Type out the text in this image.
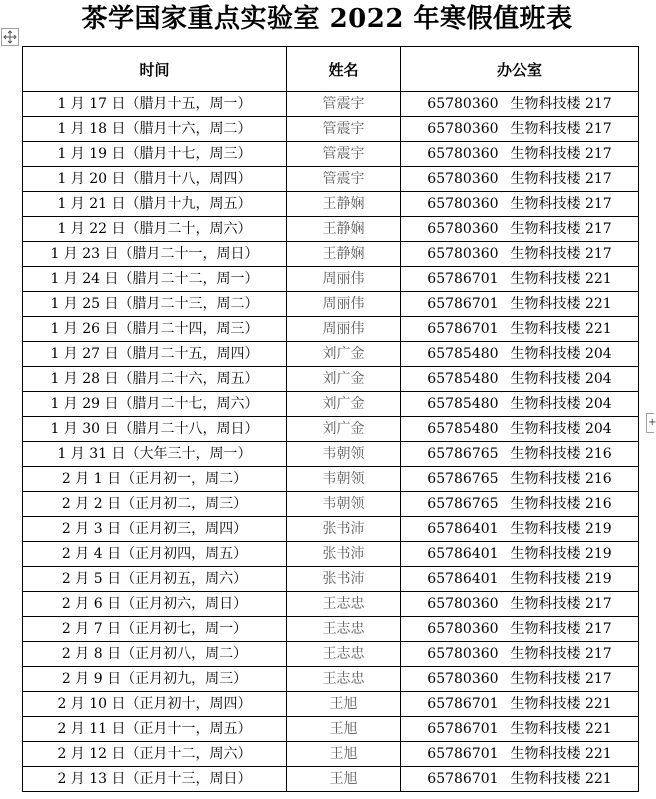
茶学国家重点实验室 2022 年寒假值班表
时间	姓名	办公室
1 月 17 日（腊月十五，周一）	管震宇	65780360 生物科技楼 217
1 月 18 日（腊月十六，周二）	管震宇	65780360 生物科技楼 217
1 月 19 日（腊月十七，周三）	管震宇	65780360 生物科技楼 217
1 月 20 日（腊月十八，周四）	管震宇	65780360 生物科技楼 217
1 月 21 日（腊月十九，周五）	王静娴	65780360 生物科技楼 217
1 月 22 日（腊月二十，周六）	王静娴	65780360 生物科技楼 217
1 月 23 日（腊月二十一，周日）	王静娴	65780360 生物科技楼 217
1 月 24 日（腊月二十二，周一）	周丽伟	65786701 生物科技楼 221
1 月 25 日（腊月二十三，周二）	周丽伟	65786701 生物科技楼 221
1 月 26 日（腊月二十四，周三）	周丽伟	65786701 生物科技楼 221
1 月 27 日（腊月二十五，周四）	刘广金	65785480 生物科技楼 204
1 月 28 日（腊月二十六，周五）	刘广金	65785480 生物科技楼 204
1 月 29 日（腊月二十七，周六）	刘广金	65785480 生物科技楼 204
1 月 30 日（腊月二十八，周日）	刘广金	65785480 生物科技楼 204
1 月 31 日（大年三十，周一）	韦朝领	65786765 生物科技楼 216
2 月 1 日（正月初一，周二）	韦朝领	65786765 生物科技楼 216
2 月 2 日（正月初二，周三）	韦朝领	65786765 生物科技楼 216
2 月 3 日（正月初三，周四）	张书沛	65786401 生物科技楼 219
2 月 4 日（正月初四，周五）	张书沛	65786401 生物科技楼 219
2 月 5 日（正月初五，周六）	张书沛	65786401 生物科技楼 219
2 月 6 日（正月初六，周日）	王志忠	65780360 生物科技楼 217
2 月 7 日（正月初七，周一）	王志忠	65780360 生物科技楼 217
2 月 8 日（正月初八，周二）	王志忠	65780360 生物科技楼 217
2 月 9 日（正月初九，周三）	王志忠	65780360 生物科技楼 217
2 月 10 日（正月初十，周四）	王旭	65786701 生物科技楼 221
2 月 11 日（正月十一，周五）	王旭	65786701 生物科技楼 221
2 月 12 日（正月十二，周六）	王旭	65786701 生物科技楼 221
2 月 13 日（正月十三，周日）	王旭	65786701 生物科技楼 221
+
